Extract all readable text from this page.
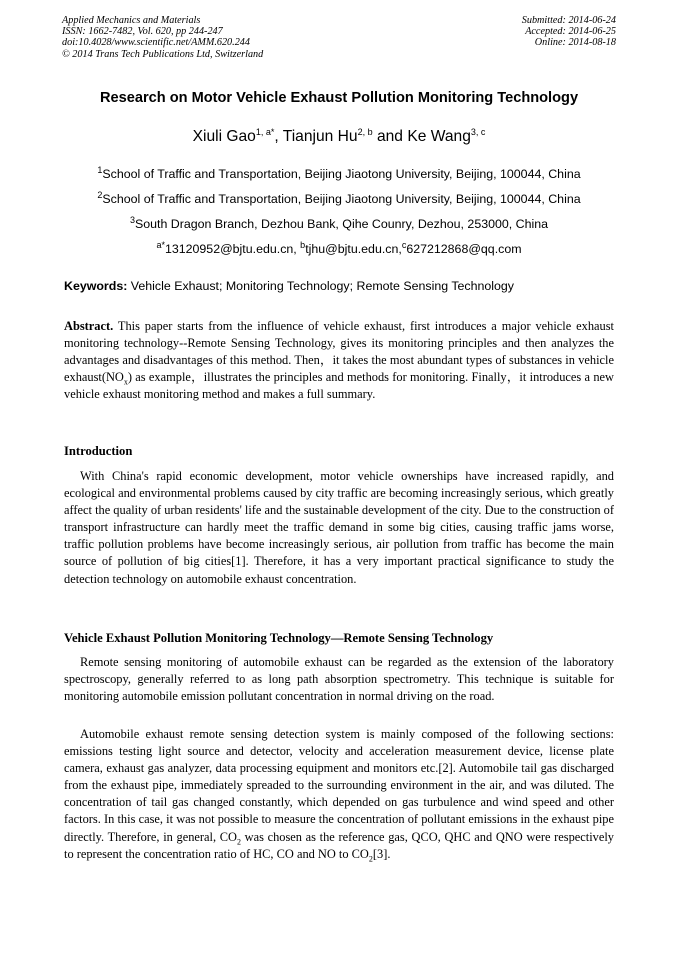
Applied Mechanics and Materials
ISSN: 1662-7482, Vol. 620, pp 244-247
doi:10.4028/www.scientific.net/AMM.620.244
© 2014 Trans Tech Publications Ltd, Switzerland
Submitted: 2014-06-24
Accepted: 2014-06-25
Online: 2014-08-18
Research on Motor Vehicle Exhaust Pollution Monitoring Technology
Xiuli Gao$^{1, a*}$, Tianjun Hu$^{2, b}$ and Ke Wang$^{3, c}$
$^1$School of Traffic and Transportation, Beijing Jiaotong University, Beijing, 100044, China
$^2$School of Traffic and Transportation, Beijing Jiaotong University, Beijing, 100044, China
$^3$South Dragon Branch, Dezhou Bank, Qihe Counry, Dezhou, 253000, China
$^{a*}$13120952@bjtu.edu.cn, $^b$tjhu@bjtu.edu.cn,$^c$627212868@qq.com
Keywords: Vehicle Exhaust; Monitoring Technology; Remote Sensing Technology
Abstract. This paper starts from the influence of vehicle exhaust, first introduces a major vehicle exhaust monitoring technology--Remote Sensing Technology, gives its monitoring principles and then analyzes the advantages and disadvantages of this method. Then，it takes the most abundant types of substances in vehicle $exhaust(NO_x)$ as example，illustrates the principles and methods for monitoring. Finally，it introduces a new vehicle exhaust monitoring method and makes a full summary.
Introduction
With China's rapid economic development, motor vehicle ownerships have increased rapidly, and ecological and environmental problems caused by city traffic are becoming increasingly serious, which greatly affect the quality of urban residents' life and the sustainable development of the city. Due to the construction of transport infrastructure can hardly meet the traffic demand in some big cities, causing traffic jams worse, traffic pollution problems have become increasingly serious, air pollution from traffic has become the main source of pollution of big cities[1]. Therefore, it has a very important practical significance to study the detection technology on automobile exhaust concentration.
Vehicle Exhaust Pollution Monitoring Technology—Remote Sensing Technology
Remote sensing monitoring of automobile exhaust can be regarded as the extension of the laboratory spectroscopy, generally referred to as long path absorption spectrometry. This technique is suitable for monitoring automobile emission pollutant concentration in normal driving on the road.
Automobile exhaust remote sensing detection system is mainly composed of the following sections: emissions testing light source and detector, velocity and acceleration measurement device, license plate camera, exhaust gas analyzer, data processing equipment and monitors etc.[2]. Automobile tail gas discharged from the exhaust pipe, immediately spreaded to the surrounding environment in the air, and was diluted. The concentration of tail gas changed constantly, which depended on gas turbulence and wind speed and other factors. In this case, it was not possible to measure the concentration of pollutant emissions in the exhaust pipe directly. Therefore, in general, $CO_2$ was chosen as the reference gas, QCO, QHC and QNO were respectively to represent the concentration ratio of HC, CO and NO to $CO_2[3]$.
